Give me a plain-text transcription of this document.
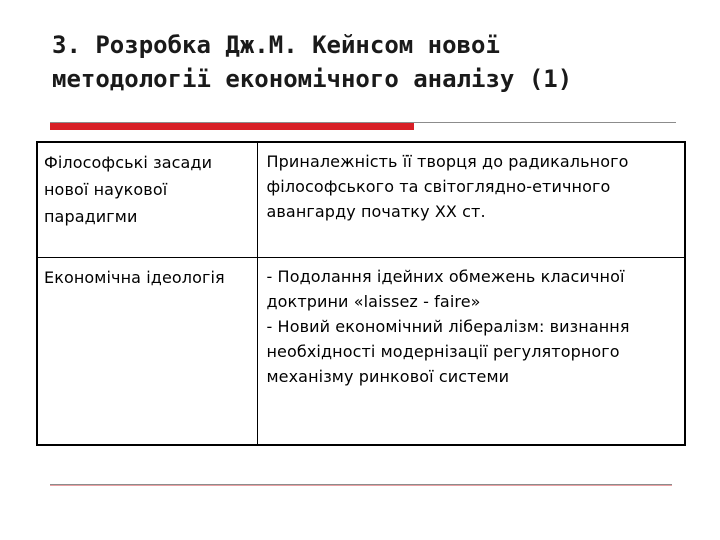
3. Розробка Дж.М. Кейнсом нової
методології економічного аналізу (1)
Філософські засади нової наукової парадигми	Приналежність її творця до радикального філософського та світоглядно-етичного авангарду початку ХХ ст.

Економічна ідеологія	- Подолання ідейних обмежень класичної доктрини «laissez - faire»
- Новий економічний лібералізм: визнання необхідності модернізації регуляторного механізму ринкової системи
